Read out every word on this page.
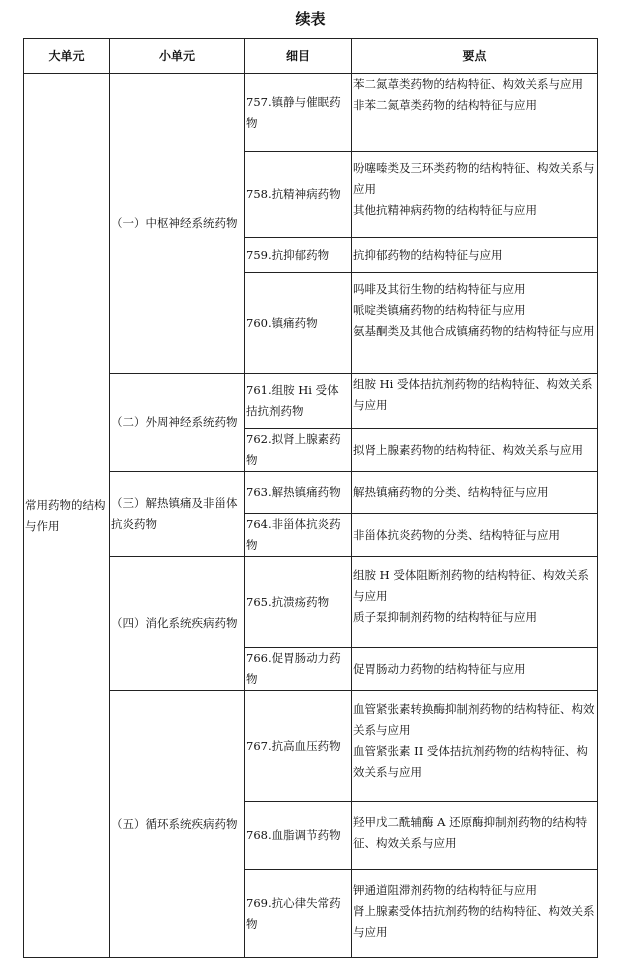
续表
大单元	小单元	细目	要点
常用药物的结构与作用	（一）中枢神经系统药物	757.镇静与催眠药物	苯二氮䓬类药物的结构特征、构效关系与应用
非苯二氮䓬类药物的结构特征与应用

		758.抗精神病药物	吩噻嗪类及三环类药物的结构特征、构效关系与应用
其他抗精神病药物的结构特征与应用

		759.抗抑郁药物	抗抑郁药物的结构特征与应用

		760.镇痛药物	吗啡及其衍生物的结构特征与应用
哌啶类镇痛药物的结构特征与应用
氨基酮类及其他合成镇痛药物的结构特征与应用

	（二）外周神经系统药物	761.组胺 Hi 受体拮抗剂药物	组胺 Hi 受体拮抗剂药物的结构特征、构效关系与应用

		762.拟肾上腺素药物	拟肾上腺素药物的结构特征、构效关系与应用

	（三）解热镇痛及非甾体抗炎药物	763.解热镇痛药物	解热镇痛药物的分类、结构特征与应用

		764.非甾体抗炎药物	非甾体抗炎药物的分类、结构特征与应用

	（四）消化系统疾病药物	765.抗溃疡药物	组胺 H 受体阻断剂药物的结构特征、构效关系与应用
质子泵抑制剂药物的结构特征与应用

		766.促胃肠动力药物	促胃肠动力药物的结构特征与应用

	（五）循环系统疾病药物	767.抗高血压药物	血管紧张素转换酶抑制剂药物的结构特征、构效关系与应用
血管紧张素 II 受体拮抗剂药物的结构特征、构效关系与应用

		768.血脂调节药物	羟甲戊二酰辅酶 A 还原酶抑制剂药物的结构特征、构效关系与应用

		769.抗心律失常药物	钾通道阻滞剂药物的结构特征与应用
肾上腺素受体拮抗剂药物的结构特征、构效关系与应用
